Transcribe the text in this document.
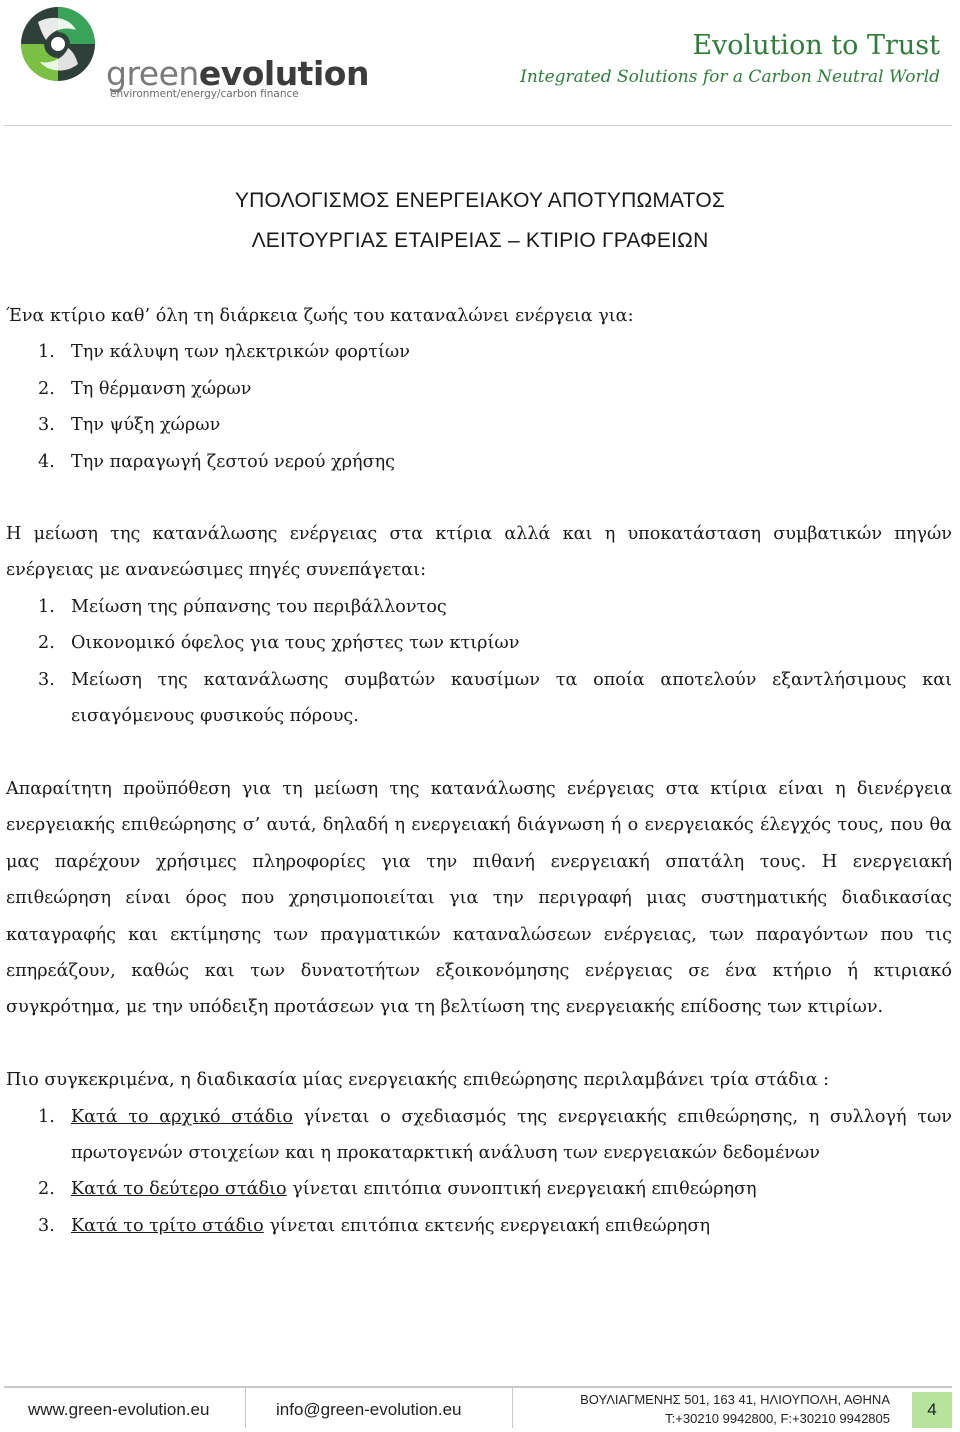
greenevolution
environment/energy/carbon finance
Evolution to Trust
Integrated Solutions for a Carbon Neutral World
ΥΠΟΛΟΓΙΣΜΟΣ ΕΝΕΡΓΕΙΑΚΟΥ ΑΠΟΤΥΠΩΜΑΤΟΣ
ΛΕΙΤΟΥΡΓΙΑΣ ΕΤΑΙΡΕΙΑΣ – ΚΤΙΡΙΟ ΓΡΑΦΕΙΩΝ
Ένα κτίριο καθ’ όλη τη διάρκεια ζωής του καταναλώνει ενέργεια για:
1. Την κάλυψη των ηλεκτρικών φορτίων
2. Τη θέρμανση χώρων
3. Την ψύξη χώρων
4. Την παραγωγή ζεστού νερού χρήσης
Η μείωση της κατανάλωσης ενέργειας στα κτίρια αλλά και η υποκατάσταση συμβατικών πηγών ενέργειας με ανανεώσιμες πηγές συνεπάγεται:
1. Μείωση της ρύπανσης του περιβάλλοντος
2. Οικονομικό όφελος για τους χρήστες των κτιρίων
3. Μείωση της κατανάλωσης συμβατών καυσίμων τα οποία αποτελούν εξαντλήσιμους και εισαγόμενους φυσικούς πόρους.
Απαραίτητη προϋπόθεση για τη μείωση της κατανάλωσης ενέργειας στα κτίρια είναι η διενέργεια ενεργειακής επιθεώρησης σ’ αυτά, δηλαδή η ενεργειακή διάγνωση ή ο ενεργειακός έλεγχός τους, που θα μας παρέχουν χρήσιμες πληροφορίες για την πιθανή ενεργειακή σπατάλη τους. Η ενεργειακή επιθεώρηση είναι όρος που χρησιμοποιείται για την περιγραφή μιας συστηματικής διαδικασίας καταγραφής και εκτίμησης των πραγματικών καταναλώσεων ενέργειας, των παραγόντων που τις επηρεάζουν, καθώς και των δυνατοτήτων εξοικονόμησης ενέργειας σε ένα κτήριο ή κτιριακό συγκρότημα, με την υπόδειξη προτάσεων για τη βελτίωση της ενεργειακής επίδοσης των κτιρίων.
Πιο συγκεκριμένα, η διαδικασία μίας ενεργειακής επιθεώρησης περιλαμβάνει τρία στάδια :
1. Κατά το αρχικό στάδιο γίνεται ο σχεδιασμός της ενεργειακής επιθεώρησης, η συλλογή των πρωτογενών στοιχείων και η προκαταρκτική ανάλυση των ενεργειακών δεδομένων
2. Κατά το δεύτερο στάδιο γίνεται επιτόπια συνοπτική ενεργειακή επιθεώρηση
3. Κατά το τρίτο στάδιο γίνεται επιτόπια εκτενής ενεργειακή επιθεώρηση
www.green-evolution.eu	info@green-evolution.eu
ΒΟΥΛΙΑΓΜΕΝΗΣ 501, 163 41, ΗΛΙΟΥΠΟΛΗ, ΑΘΗΝΑ
T:+30210 9942800, F:+30210 9942805	4
